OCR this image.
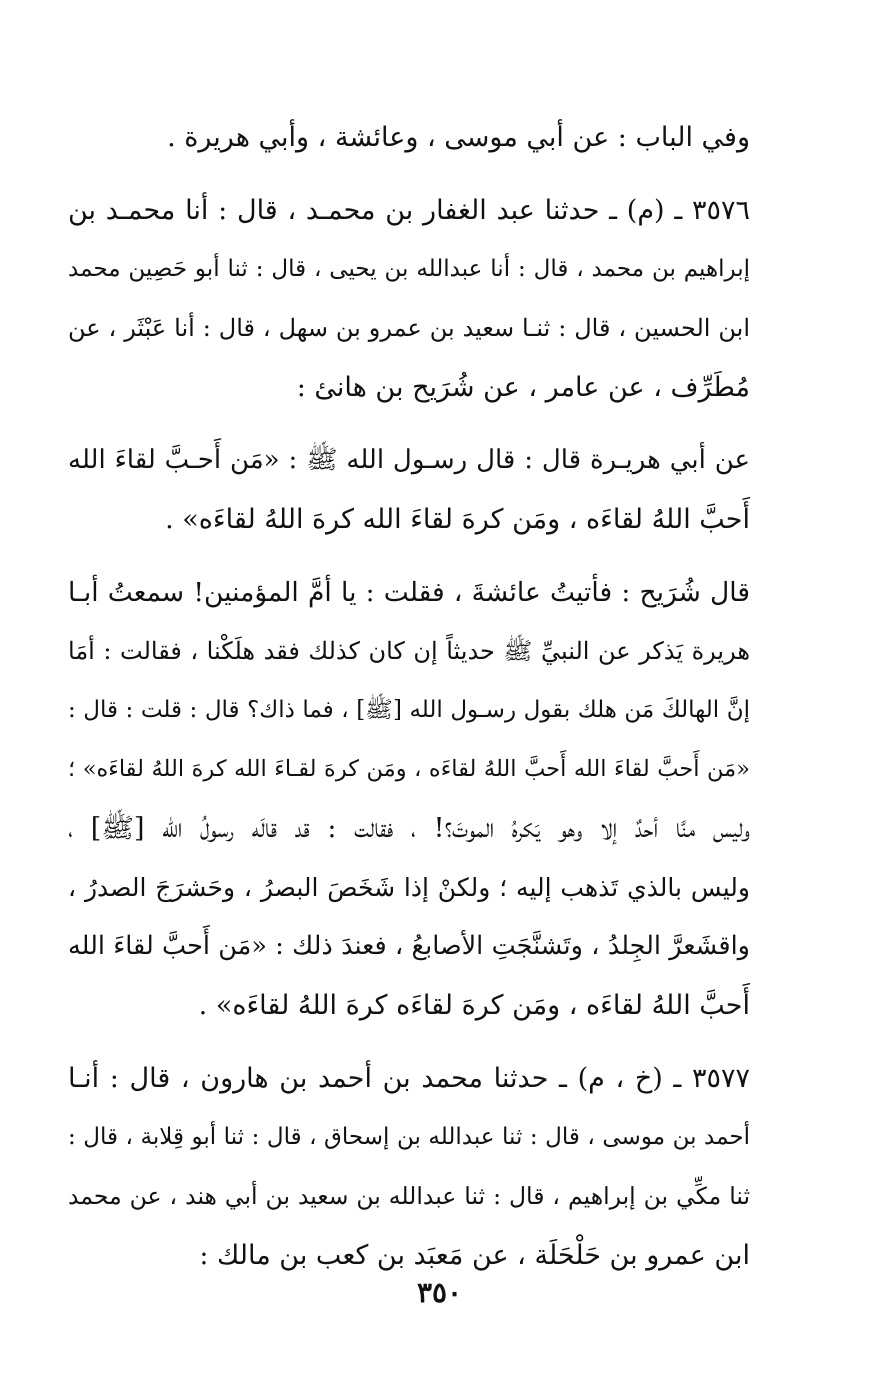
وفي الباب : عن أبي موسى ، وعائشة ، وأبي هريرة .

٣٥٧٦ ـ (م) ـ حدثنا عبد الغفار بن محمـد ، قال : أنا محمـد بن
إبراهيم بن محمد ، قال : أنا عبدالله بن يحيى ، قال : ثنا أبو حَصِين محمد
ابن الحسين ، قال : ثنـا سعيد بن عمرو بن سهل ، قال : أنا عَبْثَر ، عن
مُطَرِّف ، عن عامر ، عن شُرَيح بن هانئ :

عن أبي هريـرة قال : قال رسـول الله ﷺ : «مَن أَحـبَّ لقاءَ الله
أَحبَّ اللهُ لقاءَه ، ومَن كرهَ لقاءَ الله كرهَ اللهُ لقاءَه» .

قال شُرَيح : فأتيتُ عائشةَ ، فقلت : يا أمَّ المؤمنين! سمعتُ أبـا
هريرة يَذكر عن النبيِّ ﷺ حديثاً إن كان كذلك فقد هلَكْنا ، فقالت : أمَا
إنَّ الهالكَ مَن هلك بقول رسـول الله [ﷺ] ، فما ذاك؟ قال : قلت : قال :
«مَن أَحبَّ لقاءَ الله أَحبَّ اللهُ لقاءَه ، ومَن كرهَ لقـاءَ الله كرهَ اللهُ لقاءَه» ؛
وليس منَّا أحدٌ إلا وهو يَكرهُ الموتَ؟! ، فقالت : قد قالَه رسولُ الله [ﷺ] ،
وليس بالذي تَذهب إليه ؛ ولكنْ إذا شَخَصَ البصرُ ، وحَشرَجَ الصدرُ ،
واقشَعرَّ الجِلدُ ، وتَشنَّجَتِ الأصابعُ ، فعندَ ذلك : «مَن أَحبَّ لقاءَ الله
أَحبَّ اللهُ لقاءَه ، ومَن كرهَ لقاءَه كرهَ اللهُ لقاءَه» .

٣٥٧٧ ـ (خ ، م) ـ حدثنا محمد بن أحمد بن هارون ، قال : أنـا
أحمد بن موسى ، قال : ثنا عبدالله بن إسحاق ، قال : ثنا أبو قِلابة ، قال :
ثنا مكِّي بن إبراهيم ، قال : ثنا عبدالله بن سعيد بن أبي هند ، عن محمد
ابن عمرو بن حَلْحَلَة ، عن مَعبَد بن كعب بن مالك :

٣٥٠
